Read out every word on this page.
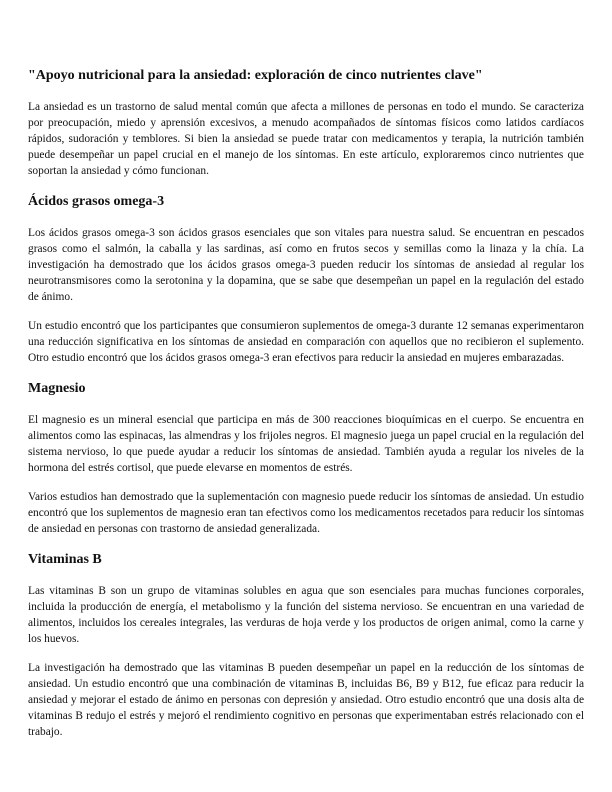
"Apoyo nutricional para la ansiedad: exploración de cinco nutrientes clave"

La ansiedad es un trastorno de salud mental común que afecta a millones de personas en todo el mundo. Se caracteriza por preocupación, miedo y aprensión excesivos, a menudo acompañados de síntomas físicos como latidos cardíacos rápidos, sudoración y temblores. Si bien la ansiedad se puede tratar con medicamentos y terapia, la nutrición también puede desempeñar un papel crucial en el manejo de los síntomas. En este artículo, exploraremos cinco nutrientes que soportan la ansiedad y cómo funcionan.

Ácidos grasos omega-3

Los ácidos grasos omega-3 son ácidos grasos esenciales que son vitales para nuestra salud. Se encuentran en pescados grasos como el salmón, la caballa y las sardinas, así como en frutos secos y semillas como la linaza y la chía. La investigación ha demostrado que los ácidos grasos omega-3 pueden reducir los síntomas de ansiedad al regular los neurotransmisores como la serotonina y la dopamina, que se sabe que desempeñan un papel en la regulación del estado de ánimo.

Un estudio encontró que los participantes que consumieron suplementos de omega-3 durante 12 semanas experimentaron una reducción significativa en los síntomas de ansiedad en comparación con aquellos que no recibieron el suplemento. Otro estudio encontró que los ácidos grasos omega-3 eran efectivos para reducir la ansiedad en mujeres embarazadas.

Magnesio

El magnesio es un mineral esencial que participa en más de 300 reacciones bioquímicas en el cuerpo. Se encuentra en alimentos como las espinacas, las almendras y los frijoles negros. El magnesio juega un papel crucial en la regulación del sistema nervioso, lo que puede ayudar a reducir los síntomas de ansiedad. También ayuda a regular los niveles de la hormona del estrés cortisol, que puede elevarse en momentos de estrés.

Varios estudios han demostrado que la suplementación con magnesio puede reducir los síntomas de ansiedad. Un estudio encontró que los suplementos de magnesio eran tan efectivos como los medicamentos recetados para reducir los síntomas de ansiedad en personas con trastorno de ansiedad generalizada.

Vitaminas B

Las vitaminas B son un grupo de vitaminas solubles en agua que son esenciales para muchas funciones corporales, incluida la producción de energía, el metabolismo y la función del sistema nervioso. Se encuentran en una variedad de alimentos, incluidos los cereales integrales, las verduras de hoja verde y los productos de origen animal, como la carne y los huevos.

La investigación ha demostrado que las vitaminas B pueden desempeñar un papel en la reducción de los síntomas de ansiedad. Un estudio encontró que una combinación de vitaminas B, incluidas B6, B9 y B12, fue eficaz para reducir la ansiedad y mejorar el estado de ánimo en personas con depresión y ansiedad. Otro estudio encontró que una dosis alta de vitaminas B redujo el estrés y mejoró el rendimiento cognitivo en personas que experimentaban estrés relacionado con el trabajo.
